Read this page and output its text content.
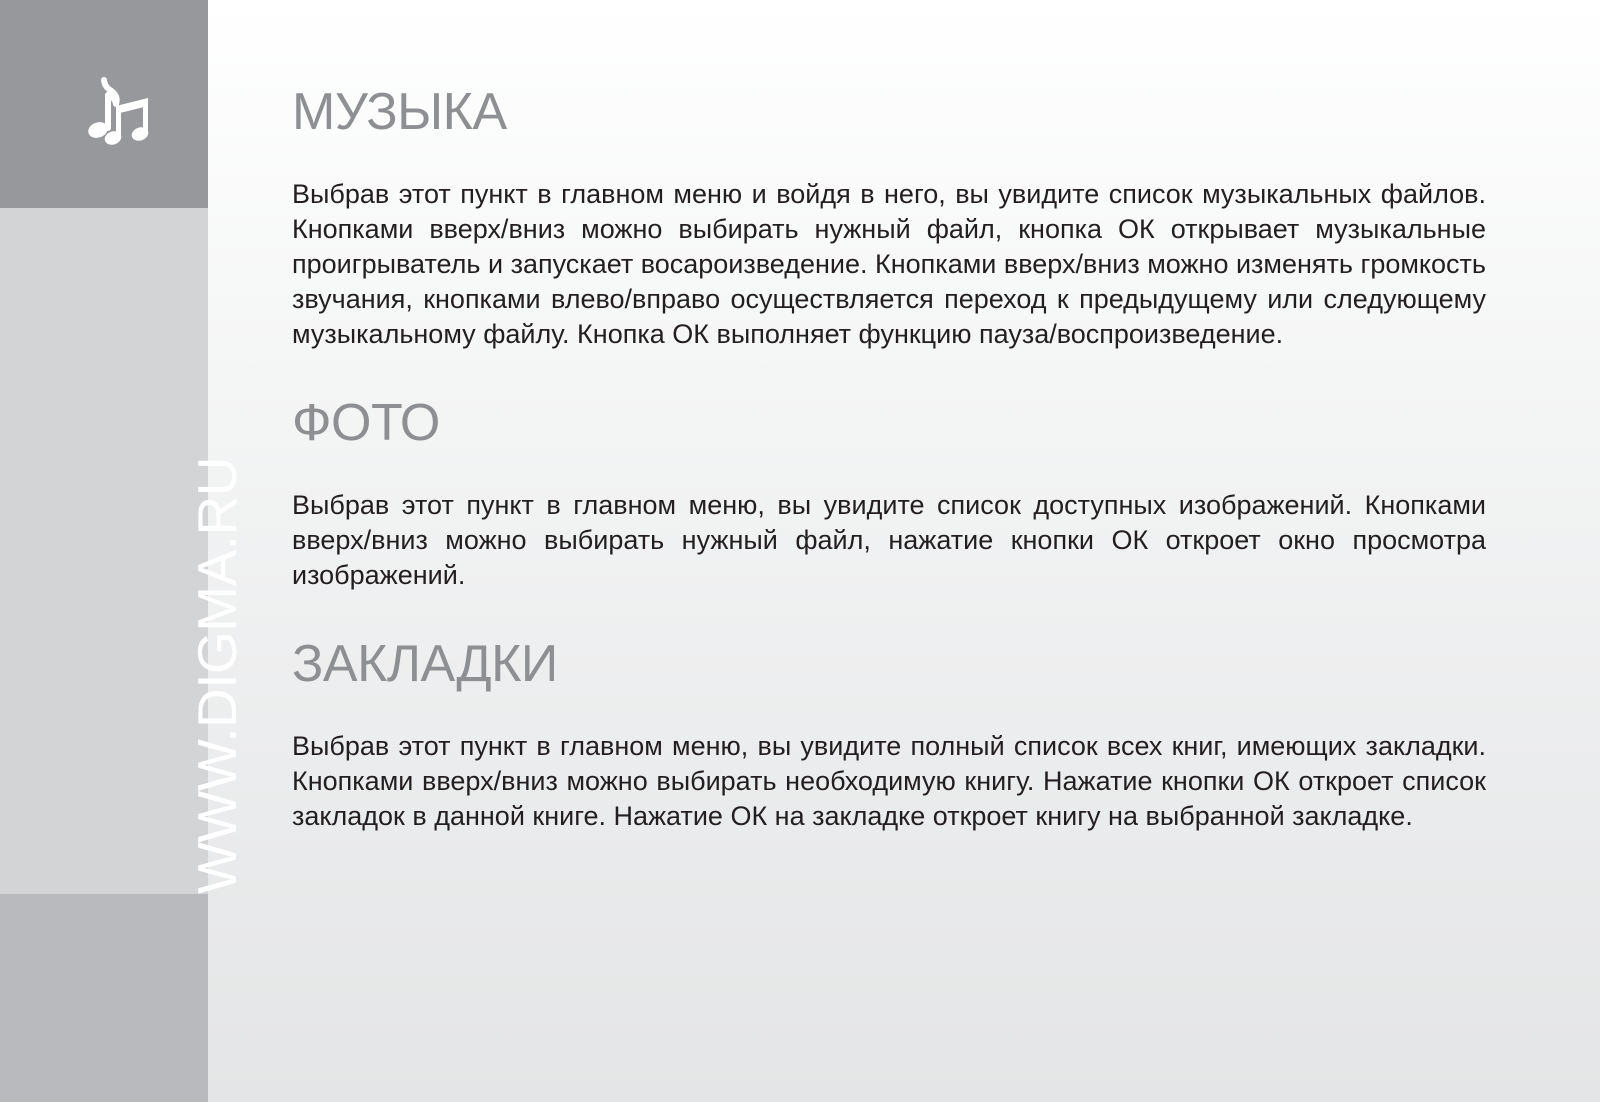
WWW.DIGMA.RU
МУЗЫКА

Выбрав этот пункт в главном меню и войдя в него, вы увидите список музыкальных файлов. Кнопками вверх/вниз можно выбирать нужный файл, кнопка ОК открывает музыкальные проигрыватель и запускает восароизведение. Кнопками вверх/вниз можно изменять громкость звучания, кнопками влево/вправо осуществляется переход к предыдущему или следующему музыкальному файлу. Кнопка ОК выполняет функцию пауза/воспроизведение.

ФОТО

Выбрав этот пункт в главном меню, вы увидите список доступных изображений. Кнопками вверх/вниз можно выбирать нужный файл, нажатие кнопки ОК откроет окно просмотра изображений.

ЗАКЛАДКИ

Выбрав этот пункт в главном меню, вы увидите полный список всех книг, имеющих закладки. Кнопками вверх/вниз можно выбирать необходимую книгу. Нажатие кнопки ОК откроет список закладок в данной книге. Нажатие ОК на закладке откроет книгу на выбранной закладке.
